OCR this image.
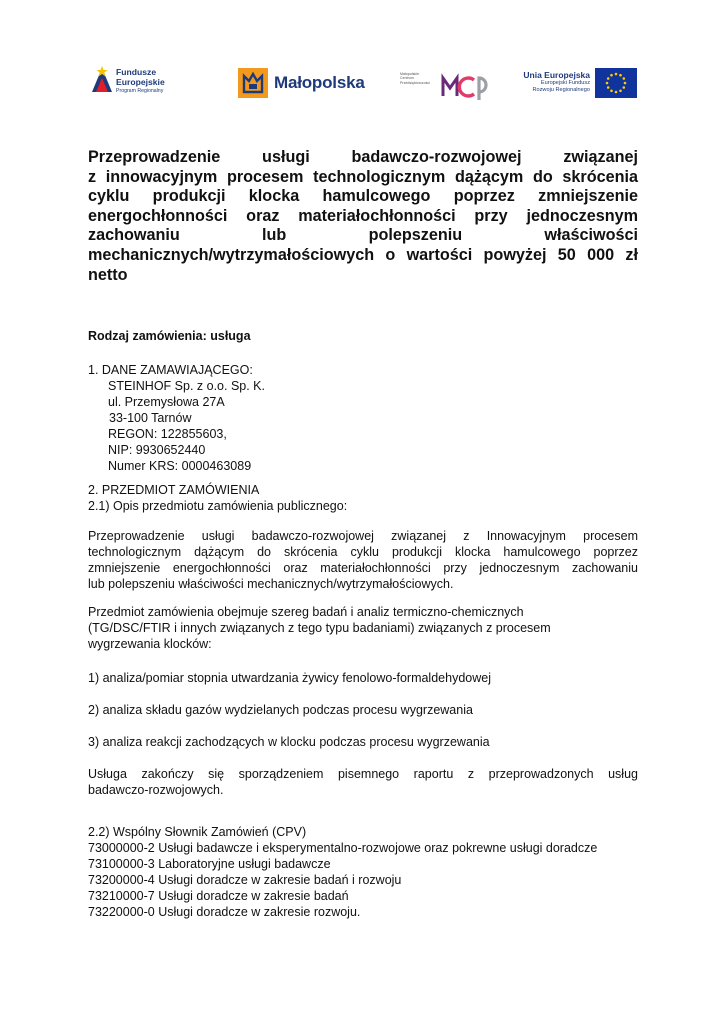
Fundusze
Europejskie
Program Regionalny	Małopolska	Małopolskie
Centrum
Przedsiębiorczości
Unia Europejska
Europejski Fundusz
Rozwoju Regionalnego
Przeprowadzenie usługi badawczo-rozwojowej związanej
z innowacyjnym procesem technologicznym dążącym do skrócenia
cyklu produkcji klocka hamulcowego poprzez zmniejszenie
energochłonności oraz materiałochłonności przy jednoczesnym
zachowaniu lub polepszeniu właściwości
mechanicznych/wytrzymałościowych o wartości powyżej 50 000 zł
netto
Rodzaj zamówienia: usługa
1. DANE ZAMAWIAJĄCEGO:
STEINHOF Sp. z o.o. Sp. K.
ul. Przemysłowa 27A
33-100 Tarnów
REGON: 122855603,
NIP: 9930652440
Numer KRS: 0000463089
2. PRZEDMIOT ZAMÓWIENIA
2.1) Opis przedmiotu zamówienia publicznego:
Przeprowadzenie usługi badawczo-rozwojowej związanej z Innowacyjnym procesem
technologicznym dążącym do skrócenia cyklu produkcji klocka hamulcowego poprzez
zmniejszenie energochłonności oraz materiałochłonności przy jednoczesnym zachowaniu
lub polepszeniu właściwości mechanicznych/wytrzymałościowych.
Przedmiot zamówienia obejmuje szereg badań i analiz termiczno-chemicznych
(TG/DSC/FTIR i innych związanych z tego typu badaniami) związanych z procesem
wygrzewania klocków:
1) analiza/pomiar stopnia utwardzania żywicy fenolowo-formaldehydowej
2) analiza składu gazów wydzielanych podczas procesu wygrzewania
3) analiza reakcji zachodzących w klocku podczas procesu wygrzewania
Usługa zakończy się sporządzeniem pisemnego raportu z przeprowadzonych usług
badawczo-rozwojowych.
2.2) Wspólny Słownik Zamówień (CPV)
73000000-2 Usługi badawcze i eksperymentalno-rozwojowe oraz pokrewne usługi doradcze
73100000-3 Laboratoryjne usługi badawcze
73200000-4 Usługi doradcze w zakresie badań i rozwoju
73210000-7 Usługi doradcze w zakresie badań
73220000-0 Usługi doradcze w zakresie rozwoju.
